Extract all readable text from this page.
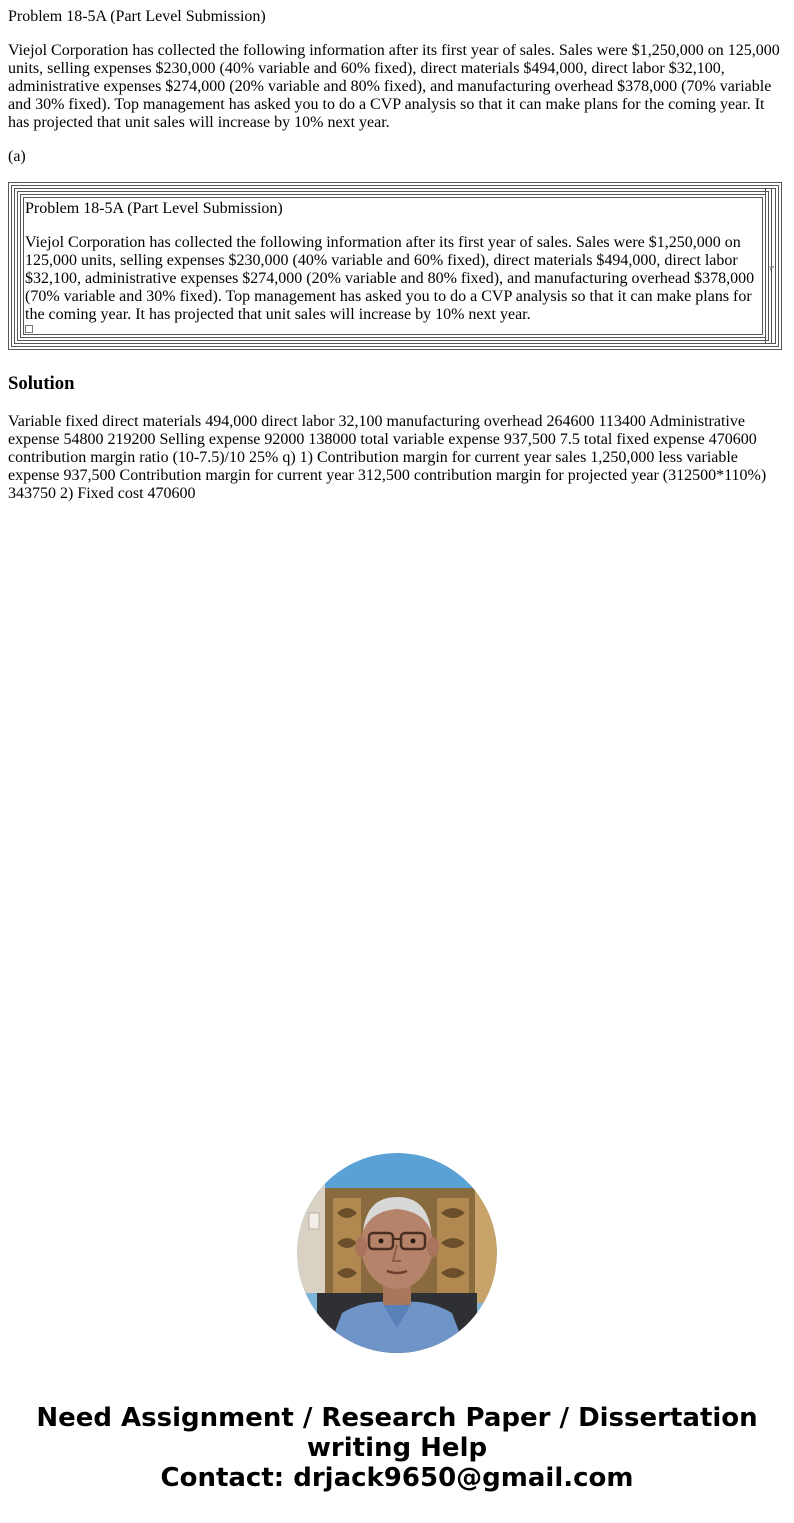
Problem 18-5A (Part Level Submission)
Viejol Corporation has collected the following information after its first year of sales. Sales were $1,250,000 on 125,000 units, selling expenses $230,000 (40% variable and 60% fixed), direct materials $494,000, direct labor $32,100, administrative expenses $274,000 (20% variable and 80% fixed), and manufacturing overhead $378,000 (70% variable and 30% fixed). Top management has asked you to do a CVP analysis so that it can make plans for the coming year. It has projected that unit sales will increase by 10% next year.
(a)

Problem 18-5A (Part Level Submission)

Viejol Corporation has collected the following information after its first year of sales. Sales were $1,250,000 on 125,000 units, selling expenses $230,000 (40% variable and 60% fixed), direct materials $494,000, direct labor $32,100, administrative expenses $274,000 (20% variable and 80% fixed), and manufacturing overhead $378,000 (70% variable and 30% fixed). Top management has asked you to do a CVP analysis so that it can make plans for the coming year. It has projected that unit sales will increase by 10% next year.

\'
Solution
Variable fixed direct materials 494,000 direct labor 32,100 manufacturing overhead 264600 113400 Administrative expense 54800 219200 Selling expense 92000 138000 total variable expense 937,500 7.5 total fixed expense 470600 contribution margin ratio (10-7.5)/10 25% q) 1) Contribution margin for current year sales 1,250,000 less variable expense 937,500 Contribution margin for current year 312,500 contribution margin for projected year (312500*110%) 343750 2) Fixed cost 470600
Need Assignment / Research Paper / Dissertation
writing Help
Contact: drjack9650@gmail.com
